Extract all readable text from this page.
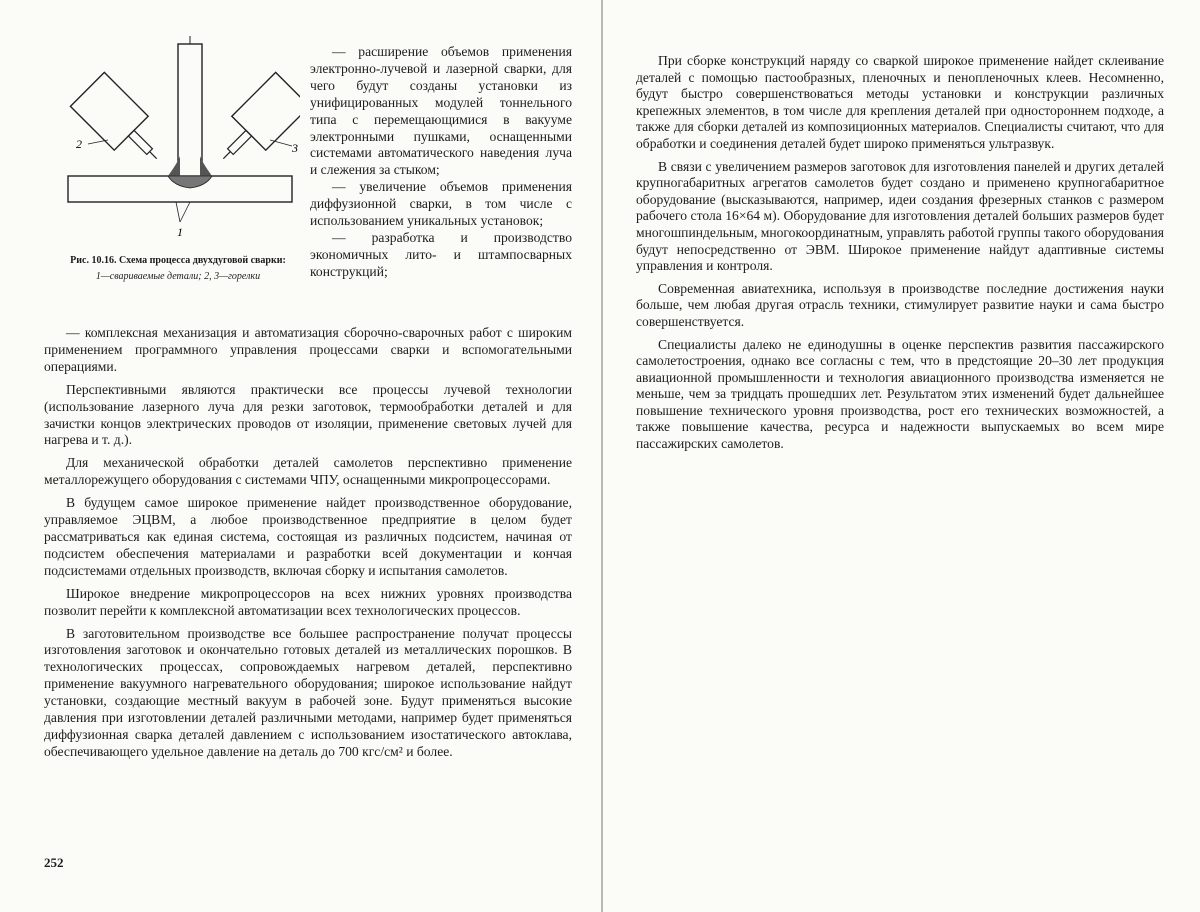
2	3
1
Рис. 10.16. Схема процесса двухдуговой сварки:
1—свариваемые детали; 2, 3—горелки

— расширение объемов применения электронно-лучевой и лазерной сварки, для чего будут созданы установки из унифицированных модулей тоннельного типа с перемещающимися в вакууме электронными пушками, оснащенными системами автоматического наведения луча и слежения за стыком;

— увеличение объемов применения диффузионной сварки, в том числе с использованием уникальных установок;

— разработка и производство экономичных лито- и штампосварных конструкций;

— комплексная механизация и автоматизация сборочно-сварочных работ с широким применением программного управления процессами сварки и вспомогательными операциями.

Перспективными являются практически все процессы лучевой технологии (использование лазерного луча для резки заготовок, термообработки деталей и для зачистки концов электрических проводов от изоляции, применение световых лучей для нагрева и т. д.).

Для механической обработки деталей самолетов перспективно применение металлорежущего оборудования с системами ЧПУ, оснащенными микропроцессорами.

В будущем самое широкое применение найдет производственное оборудование, управляемое ЭЦВМ, а любое производственное предприятие в целом будет рассматриваться как единая система, состоящая из различных подсистем, начиная от подсистем обеспечения материалами и разработки всей документации и кончая подсистемами отдельных производств, включая сборку и испытания самолетов.

Широкое внедрение микропроцессоров на всех нижних уровнях производства позволит перейти к комплексной автоматизации всех технологических процессов.

В заготовительном производстве все большее распространение получат процессы изготовления заготовок и окончательно готовых деталей из металлических порошков. В технологических процессах, сопровождаемых нагревом деталей, перспективно применение вакуумного нагревательного оборудования; широкое использование найдут установки, создающие местный вакуум в рабочей зоне. Будут применяться высокие давления при изготовлении деталей различными методами, например будет применяться диффузионная сварка деталей давлением с использованием изостатического автоклава, обеспечивающего удельное давление на деталь до 700 кгс/см² и более.

252

При сборке конструкций наряду со сваркой широкое применение найдет склеивание деталей с помощью пастообразных, пленочных и пенопленочных клеев. Несомненно, будут быстро совершенствоваться методы установки и конструкции различных крепежных элементов, в том числе для крепления деталей при одностороннем подходе, а также для сборки деталей из композиционных материалов. Специалисты считают, что для обработки и соединения деталей будет широко применяться ультразвук.

В связи с увеличением размеров заготовок для изготовления панелей и других деталей крупногабаритных агрегатов самолетов будет создано и применено крупногабаритное оборудование (высказываются, например, идеи создания фрезерных станков с размером рабочего стола 16×64 м). Оборудование для изготовления деталей больших размеров будет многошпиндельным, многокоординатным, управлять работой группы такого оборудования будут непосредственно от ЭВМ. Широкое применение найдут адаптивные системы управления и контроля.

Современная авиатехника, используя в производстве последние достижения науки больше, чем любая другая отрасль техники, стимулирует развитие науки и сама быстро совершенствуется.

Специалисты далеко не единодушны в оценке перспектив развития пассажирского самолетостроения, однако все согласны с тем, что в предстоящие 20–30 лет продукция авиационной промышленности и технология авиационного производства изменяется не меньше, чем за тридцать прошедших лет. Результатом этих изменений будет дальнейшее повышение технического уровня производства, рост его технических возможностей, а также повышение качества, ресурса и надежности выпускаемых во всем мире пассажирских самолетов.
